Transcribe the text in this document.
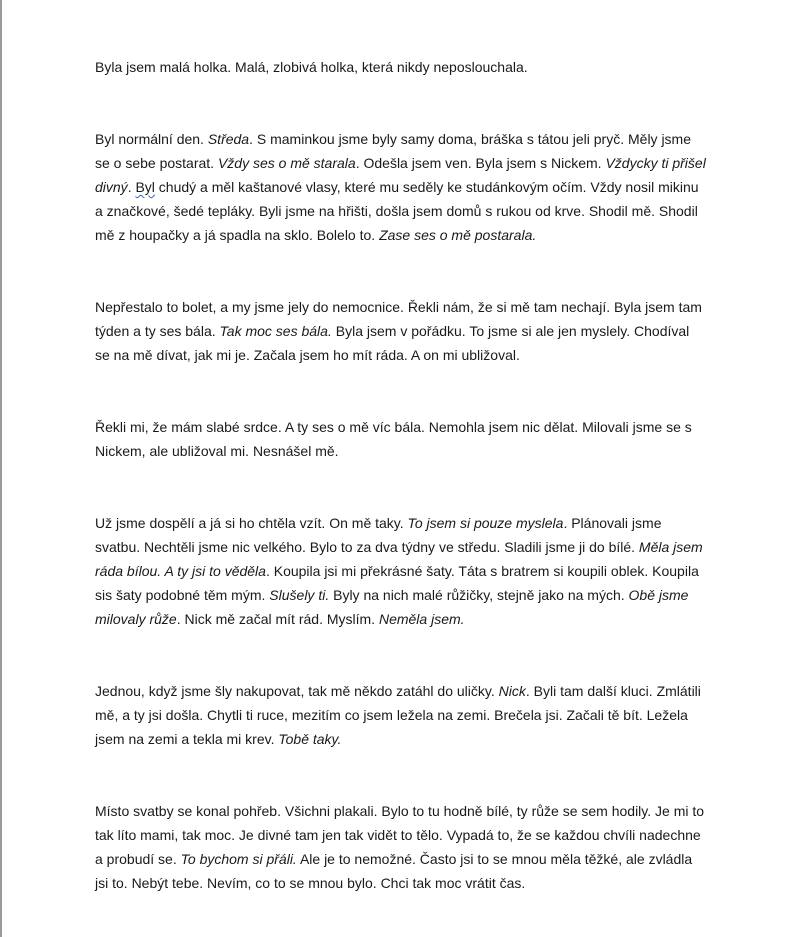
Byla jsem malá holka. Malá, zlobivá holka, která nikdy neposlouchala.

Byl normální den. Středa. S maminkou jsme byly samy doma, bráška s tátou jeli pryč. Měly jsme se o sebe postarat. Vždy ses o mě starala. Odešla jsem ven. Byla jsem s Nickem. Vždycky ti přišel divný. Byl chudý a měl kaštanové vlasy, které mu seděly ke studánkovým očím. Vždy nosil mikinu a značkové, šedé tepláky. Byli jsme na hřišti, došla jsem domů s rukou od krve. Shodil mě. Shodil mě z houpačky a já spadla na sklo. Bolelo to. Zase ses o mě postarala.

Nepřestalo to bolet, a my jsme jely do nemocnice. Řekli nám, že si mě tam nechají. Byla jsem tam týden a ty ses bála. Tak moc ses bála. Byla jsem v pořádku. To jsme si ale jen myslely. Chodíval se na mě dívat, jak mi je. Začala jsem ho mít ráda. A on mi ubližoval.

Řekli mi, že mám slabé srdce. A ty ses o mě víc bála. Nemohla jsem nic dělat. Milovali jsme se s Nickem, ale ubližoval mi. Nesnášel mě.

Už jsme dospělí a já si ho chtěla vzít. On mě taky. To jsem si pouze myslela. Plánovali jsme svatbu. Nechtěli jsme nic velkého. Bylo to za dva týdny ve středu. Sladili jsme ji do bílé. Měla jsem ráda bílou. A ty jsi to věděla. Koupila jsi mi překrásné šaty. Táta s bratrem si koupili oblek. Koupila sis šaty podobné těm mým. Slušely ti. Byly na nich malé růžičky, stejně jako na mých. Obě jsme milovaly růže. Nick mě začal mít rád. Myslím. Neměla jsem.

Jednou, když jsme šly nakupovat, tak mě někdo zatáhl do uličky. Nick. Byli tam další kluci. Zmlátili mě, a ty jsi došla. Chytli ti ruce, mezitím co jsem ležela na zemi. Brečela jsi. Začali tě bít. Ležela jsem na zemi a tekla mi krev. Tobě taky.

Místo svatby se konal pohřeb. Všichni plakali. Bylo to tu hodně bílé, ty růže se sem hodily. Je mi to tak líto mami, tak moc. Je divné tam jen tak vidět to tělo. Vypadá to, že se každou chvíli nadechne a probudí se. To bychom si přáli. Ale je to nemožné. Často jsi to se mnou měla těžké, ale zvládla jsi to. Nebýt tebe. Nevím, co to se mnou bylo. Chci tak moc vrátit čas.
